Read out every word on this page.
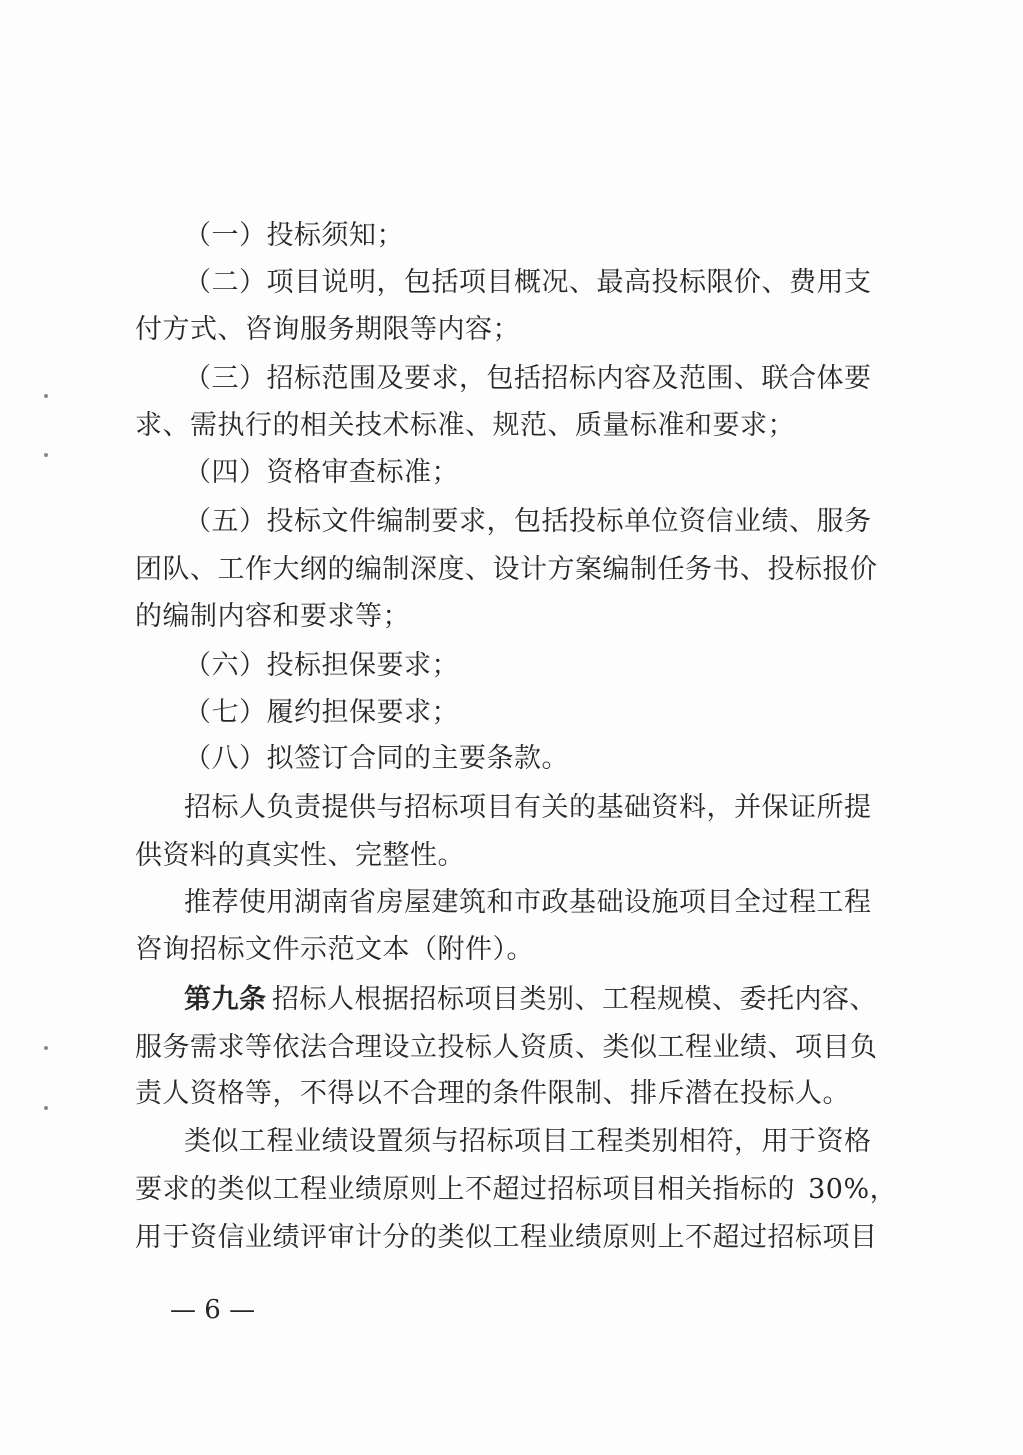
（一）投标须知；
（二）项目说明，包括项目概况、最高投标限价、费用支
付方式、咨询服务期限等内容；
（三）招标范围及要求，包括招标内容及范围、联合体要
求、需执行的相关技术标准、规范、质量标准和要求；
（四）资格审查标准；
（五）投标文件编制要求，包括投标单位资信业绩、服务
团队、工作大纲的编制深度、设计方案编制任务书、投标报价
的编制内容和要求等；
（六）投标担保要求；
（七）履约担保要求；
（八）拟签订合同的主要条款。
招标人负责提供与招标项目有关的基础资料，并保证所提
供资料的真实性、完整性。
推荐使用湖南省房屋建筑和市政基础设施项目全过程工程
咨询招标文件示范文本（附件）。
第九条 招标人根据招标项目类别、工程规模、委托内容、
服务需求等依法合理设立投标人资质、类似工程业绩、项目负
责人资格等，不得以不合理的条件限制、排斥潜在投标人。
类似工程业绩设置须与招标项目工程类别相符，用于资格
要求的类似工程业绩原则上不超过招标项目相关指标的 30%，
用于资信业绩评审计分的类似工程业绩原则上不超过招标项目
— 6 —
